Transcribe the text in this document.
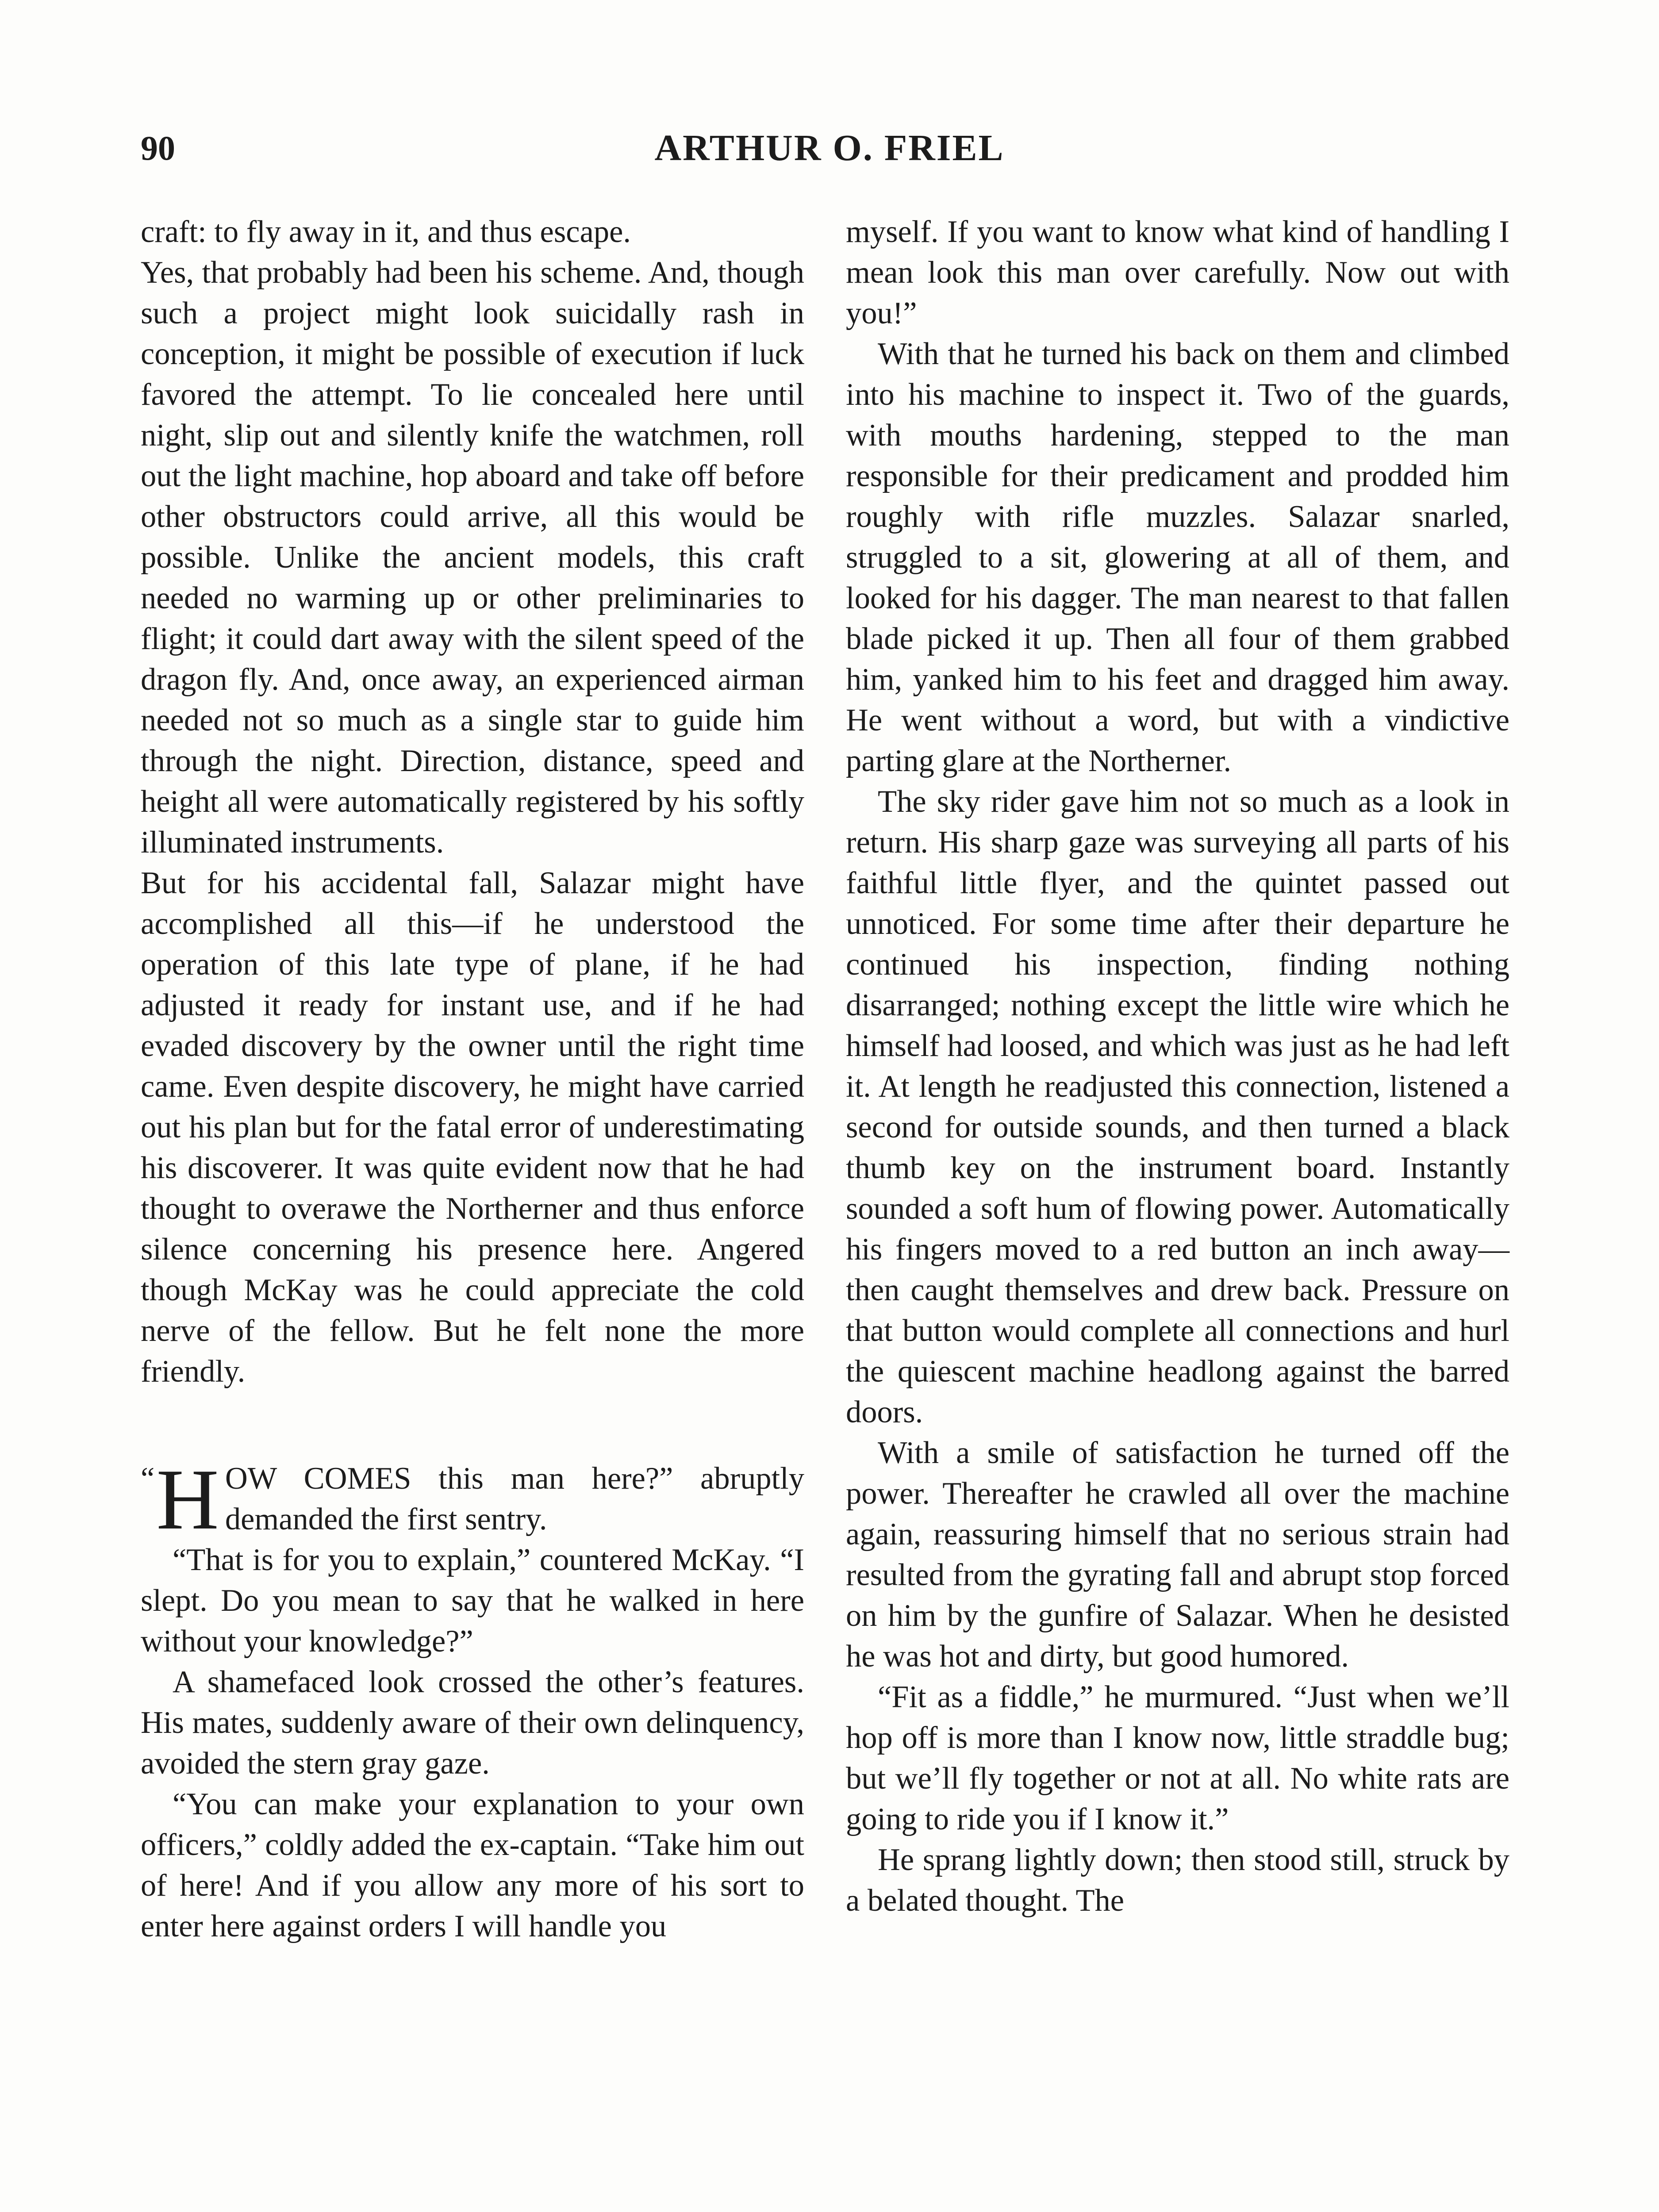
90	ARTHUR O. FRIEL

craft: to fly away in it, and thus escape.

Yes, that probably had been his scheme. And, though such a project might look suicidally rash in conception, it might be possible of execution if luck favored the attempt. To lie concealed here until night, slip out and silently knife the watchmen, roll out the light machine, hop aboard and take off before other obstructors could arrive, all this would be possible. Unlike the ancient models, this craft needed no warming up or other preliminaries to flight; it could dart away with the silent speed of the dragon fly. And, once away, an experienced airman needed not so much as a single star to guide him through the night. Direction, distance, speed and height all were automatically registered by his softly illuminated instruments.

But for his accidental fall, Salazar might have accomplished all this—if he understood the operation of this late type of plane, if he had adjusted it ready for instant use, and if he had evaded discovery by the owner until the right time came. Even despite discovery, he might have carried out his plan but for the fatal error of underestimating his discoverer. It was quite evident now that he had thought to overawe the Northerner and thus enforce silence concerning his presence here. Angered though McKay was he could appreciate the cold nerve of the fellow. But he felt none the more friendly.

“ H OW COMES this man here?” abruptly demanded the first sentry.

“That is for you to explain,” countered McKay. “I slept. Do you mean to say that he walked in here without your knowledge?”

A shamefaced look crossed the other’s features. His mates, suddenly aware of their own delinquency, avoided the stern gray gaze.

“You can make your explanation to your own officers,” coldly added the ex-captain. “Take him out of here! And if you allow any more of his sort to enter here against orders I will handle you

myself. If you want to know what kind of handling I mean look this man over carefully. Now out with you!”

With that he turned his back on them and climbed into his machine to inspect it. Two of the guards, with mouths hardening, stepped to the man responsible for their predicament and prodded him roughly with rifle muzzles. Salazar snarled, struggled to a sit, glowering at all of them, and looked for his dagger. The man nearest to that fallen blade picked it up. Then all four of them grabbed him, yanked him to his feet and dragged him away. He went without a word, but with a vindictive parting glare at the Northerner.

The sky rider gave him not so much as a look in return. His sharp gaze was surveying all parts of his faithful little flyer, and the quintet passed out unnoticed. For some time after their departure he continued his inspection, finding nothing disarranged; nothing except the little wire which he himself had loosed, and which was just as he had left it. At length he readjusted this connection, listened a second for outside sounds, and then turned a black thumb key on the instrument board. Instantly sounded a soft hum of flowing power. Automatically his fingers moved to a red button an inch away—then caught themselves and drew back. Pressure on that button would complete all connections and hurl the quiescent machine headlong against the barred doors.

With a smile of satisfaction he turned off the power. Thereafter he crawled all over the machine again, reassuring himself that no serious strain had resulted from the gyrating fall and abrupt stop forced on him by the gunfire of Salazar. When he desisted he was hot and dirty, but good humored.

“Fit as a fiddle,” he murmured. “Just when we’ll hop off is more than I know now, little straddle bug; but we’ll fly together or not at all. No white rats are going to ride you if I know it.”

He sprang lightly down; then stood still, struck by a belated thought. The
